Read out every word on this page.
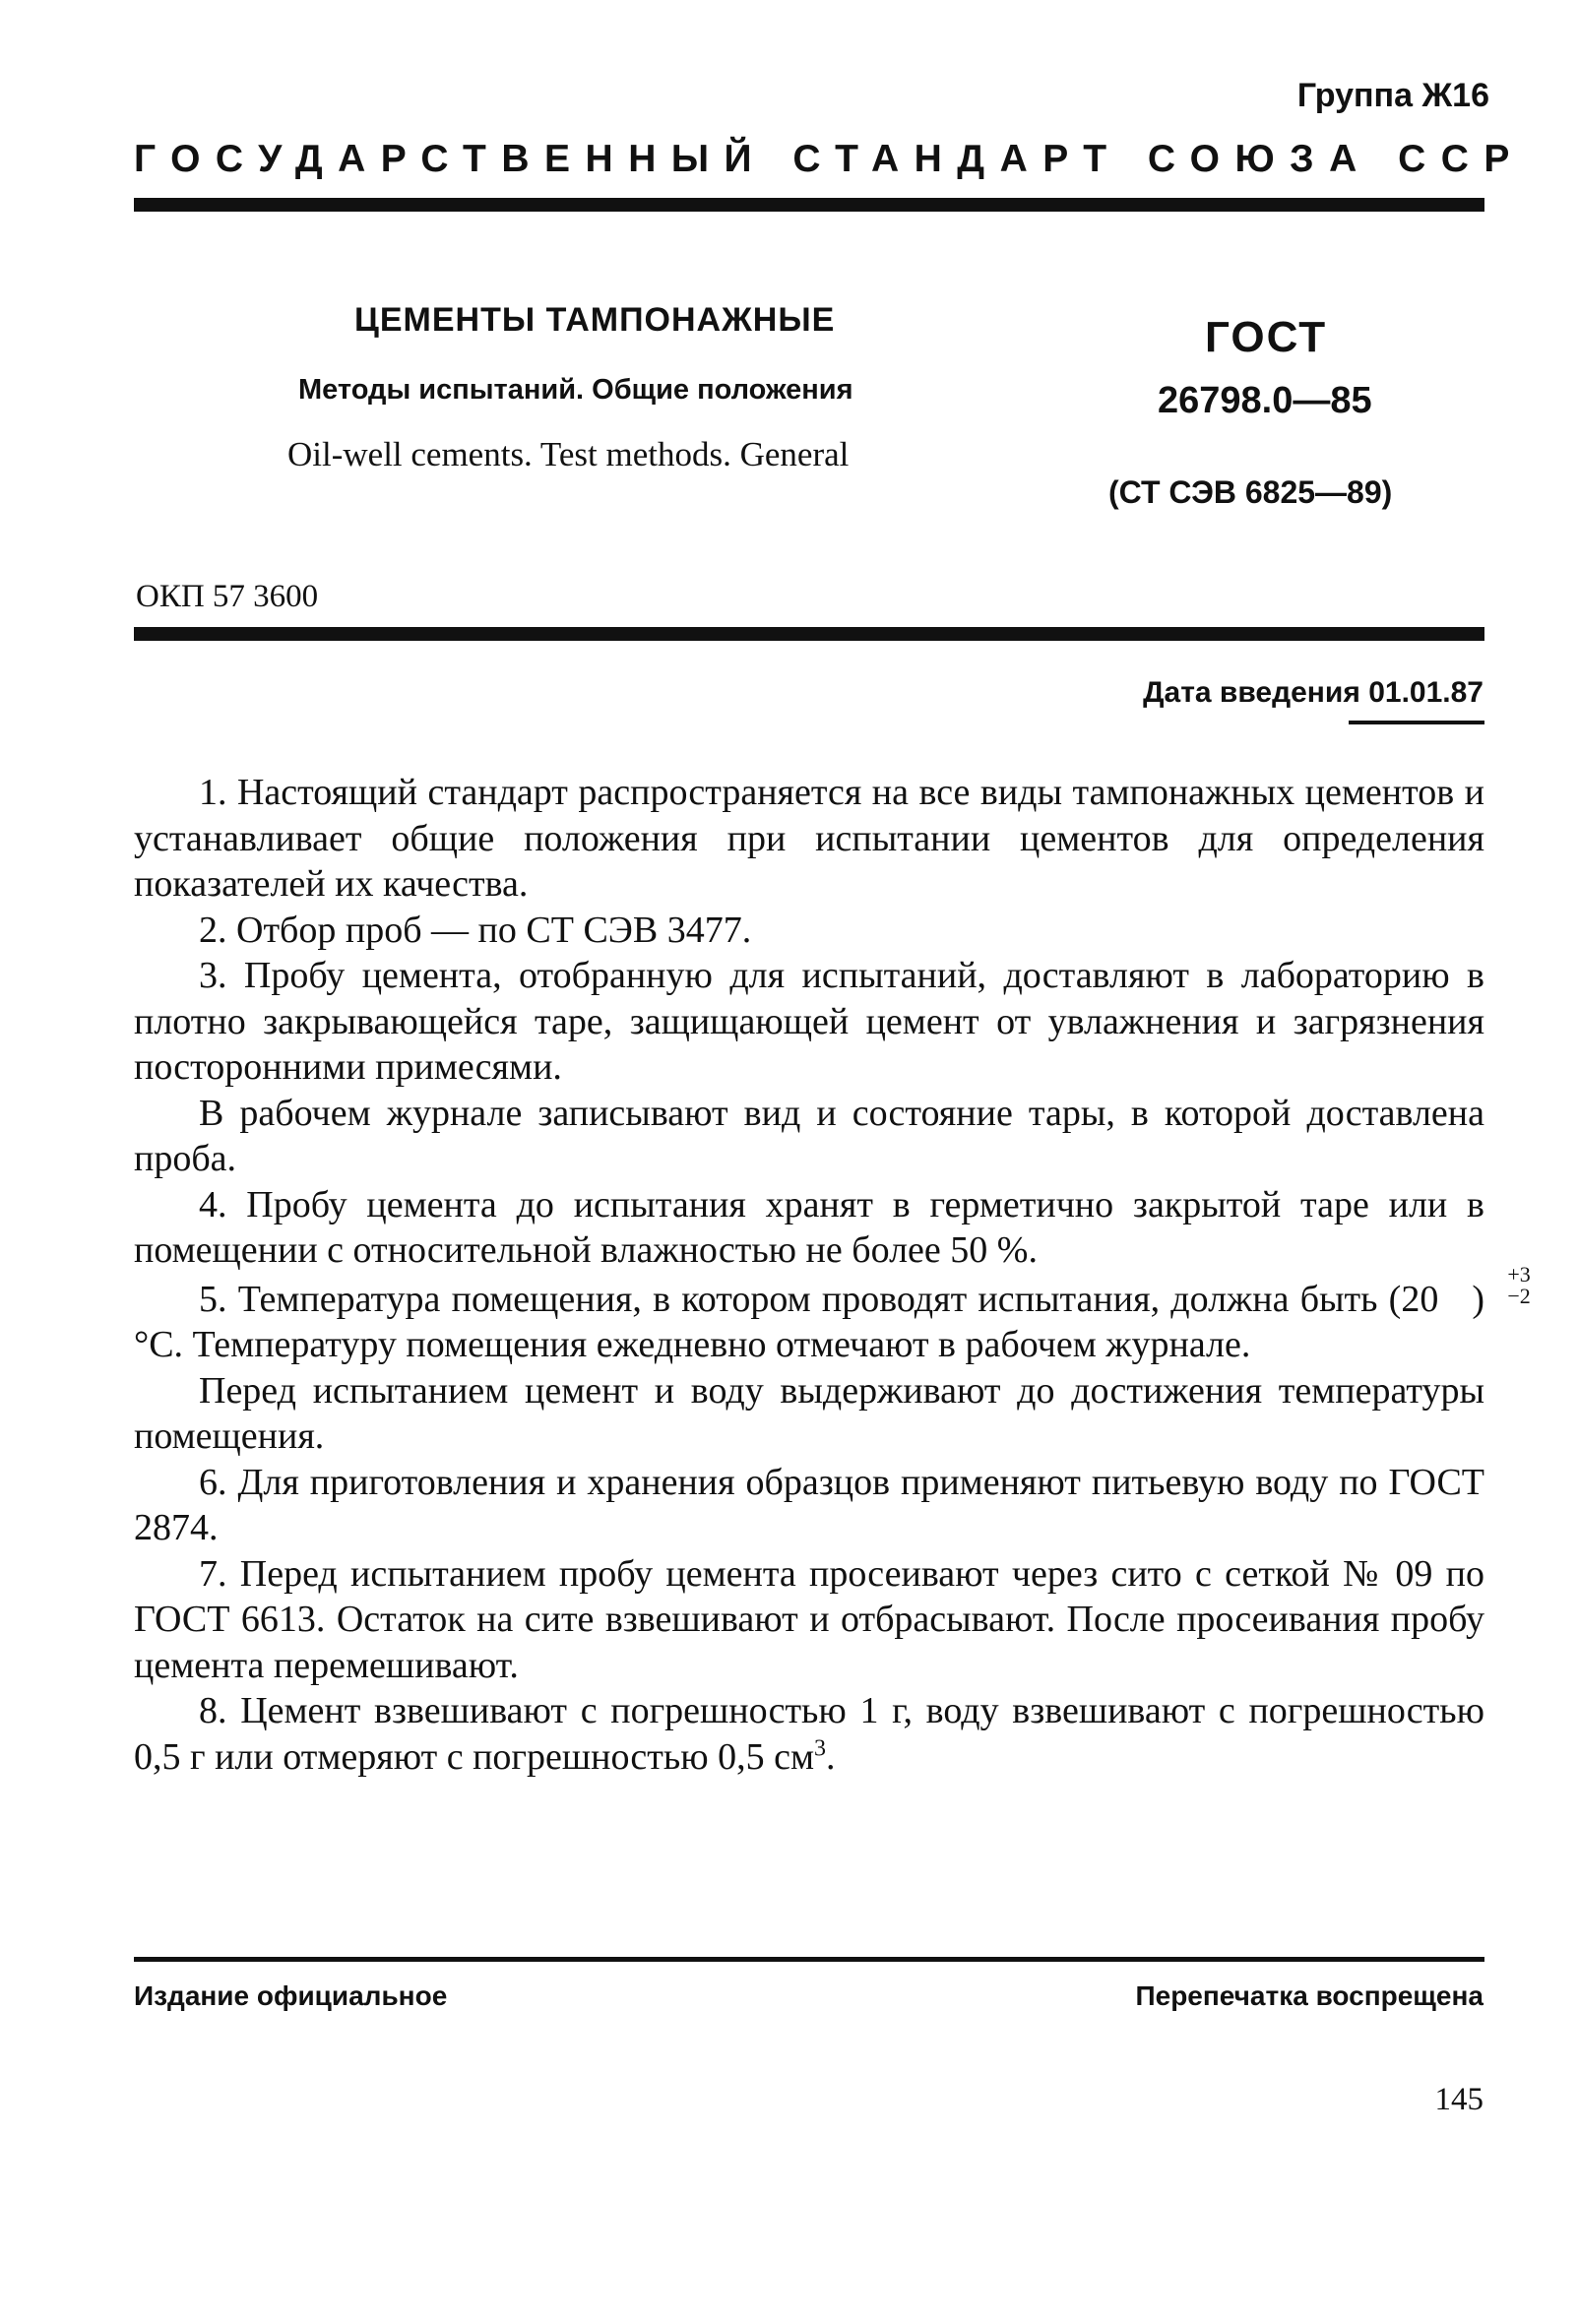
Группа Ж16
ГОСУДАРСТВЕННЫЙ СТАНДАРТ СОЮЗА ССР
ЦЕМЕНТЫ ТАМПОНАЖНЫЕ
Методы испытаний. Общие положения
Oil-well cements. Test methods. General
ГОСТ
26798.0—85
(СТ СЭВ 6825—89)
ОКП 57 3600
Дата введения 01.01.87

1. Настоящий стандарт распространяется на все виды тампонажных цементов и устанавливает общие положения при испытании цементов для определения показателей их качества.

2. Отбор проб — по СТ СЭВ 3477.

3. Пробу цемента, отобранную для испытаний, доставляют в лабораторию в плотно закрывающейся таре, защищающей цемент от увлажнения и загрязнения посторонними примесями.

В рабочем журнале записывают вид и состояние тары, в которой доставлена проба.

4. Пробу цемента до испытания хранят в герметично закрытой таре или в помещении с относительной влажностью не более 50 %.

5. Температура помещения, в котором проводят испытания, должна быть (20
+3
−2
) °С. Температуру помещения ежедневно отмечают в рабочем журнале.

Перед испытанием цемент и воду выдерживают до достижения температуры помещения.

6. Для приготовления и хранения образцов применяют питьевую воду по ГОСТ 2874.

7. Перед испытанием пробу цемента просеивают через сито с сеткой № 09 по ГОСТ 6613. Остаток на сите взвешивают и отбрасывают. После просеивания пробу цемента перемешивают.

8. Цемент взвешивают с погрешностью 1 г, воду взвешивают с погрешностью 0,5 г или отмеряют с погрешностью 0,5 $см^3$.

Издание официальное	Перепечатка воспрещена
145
